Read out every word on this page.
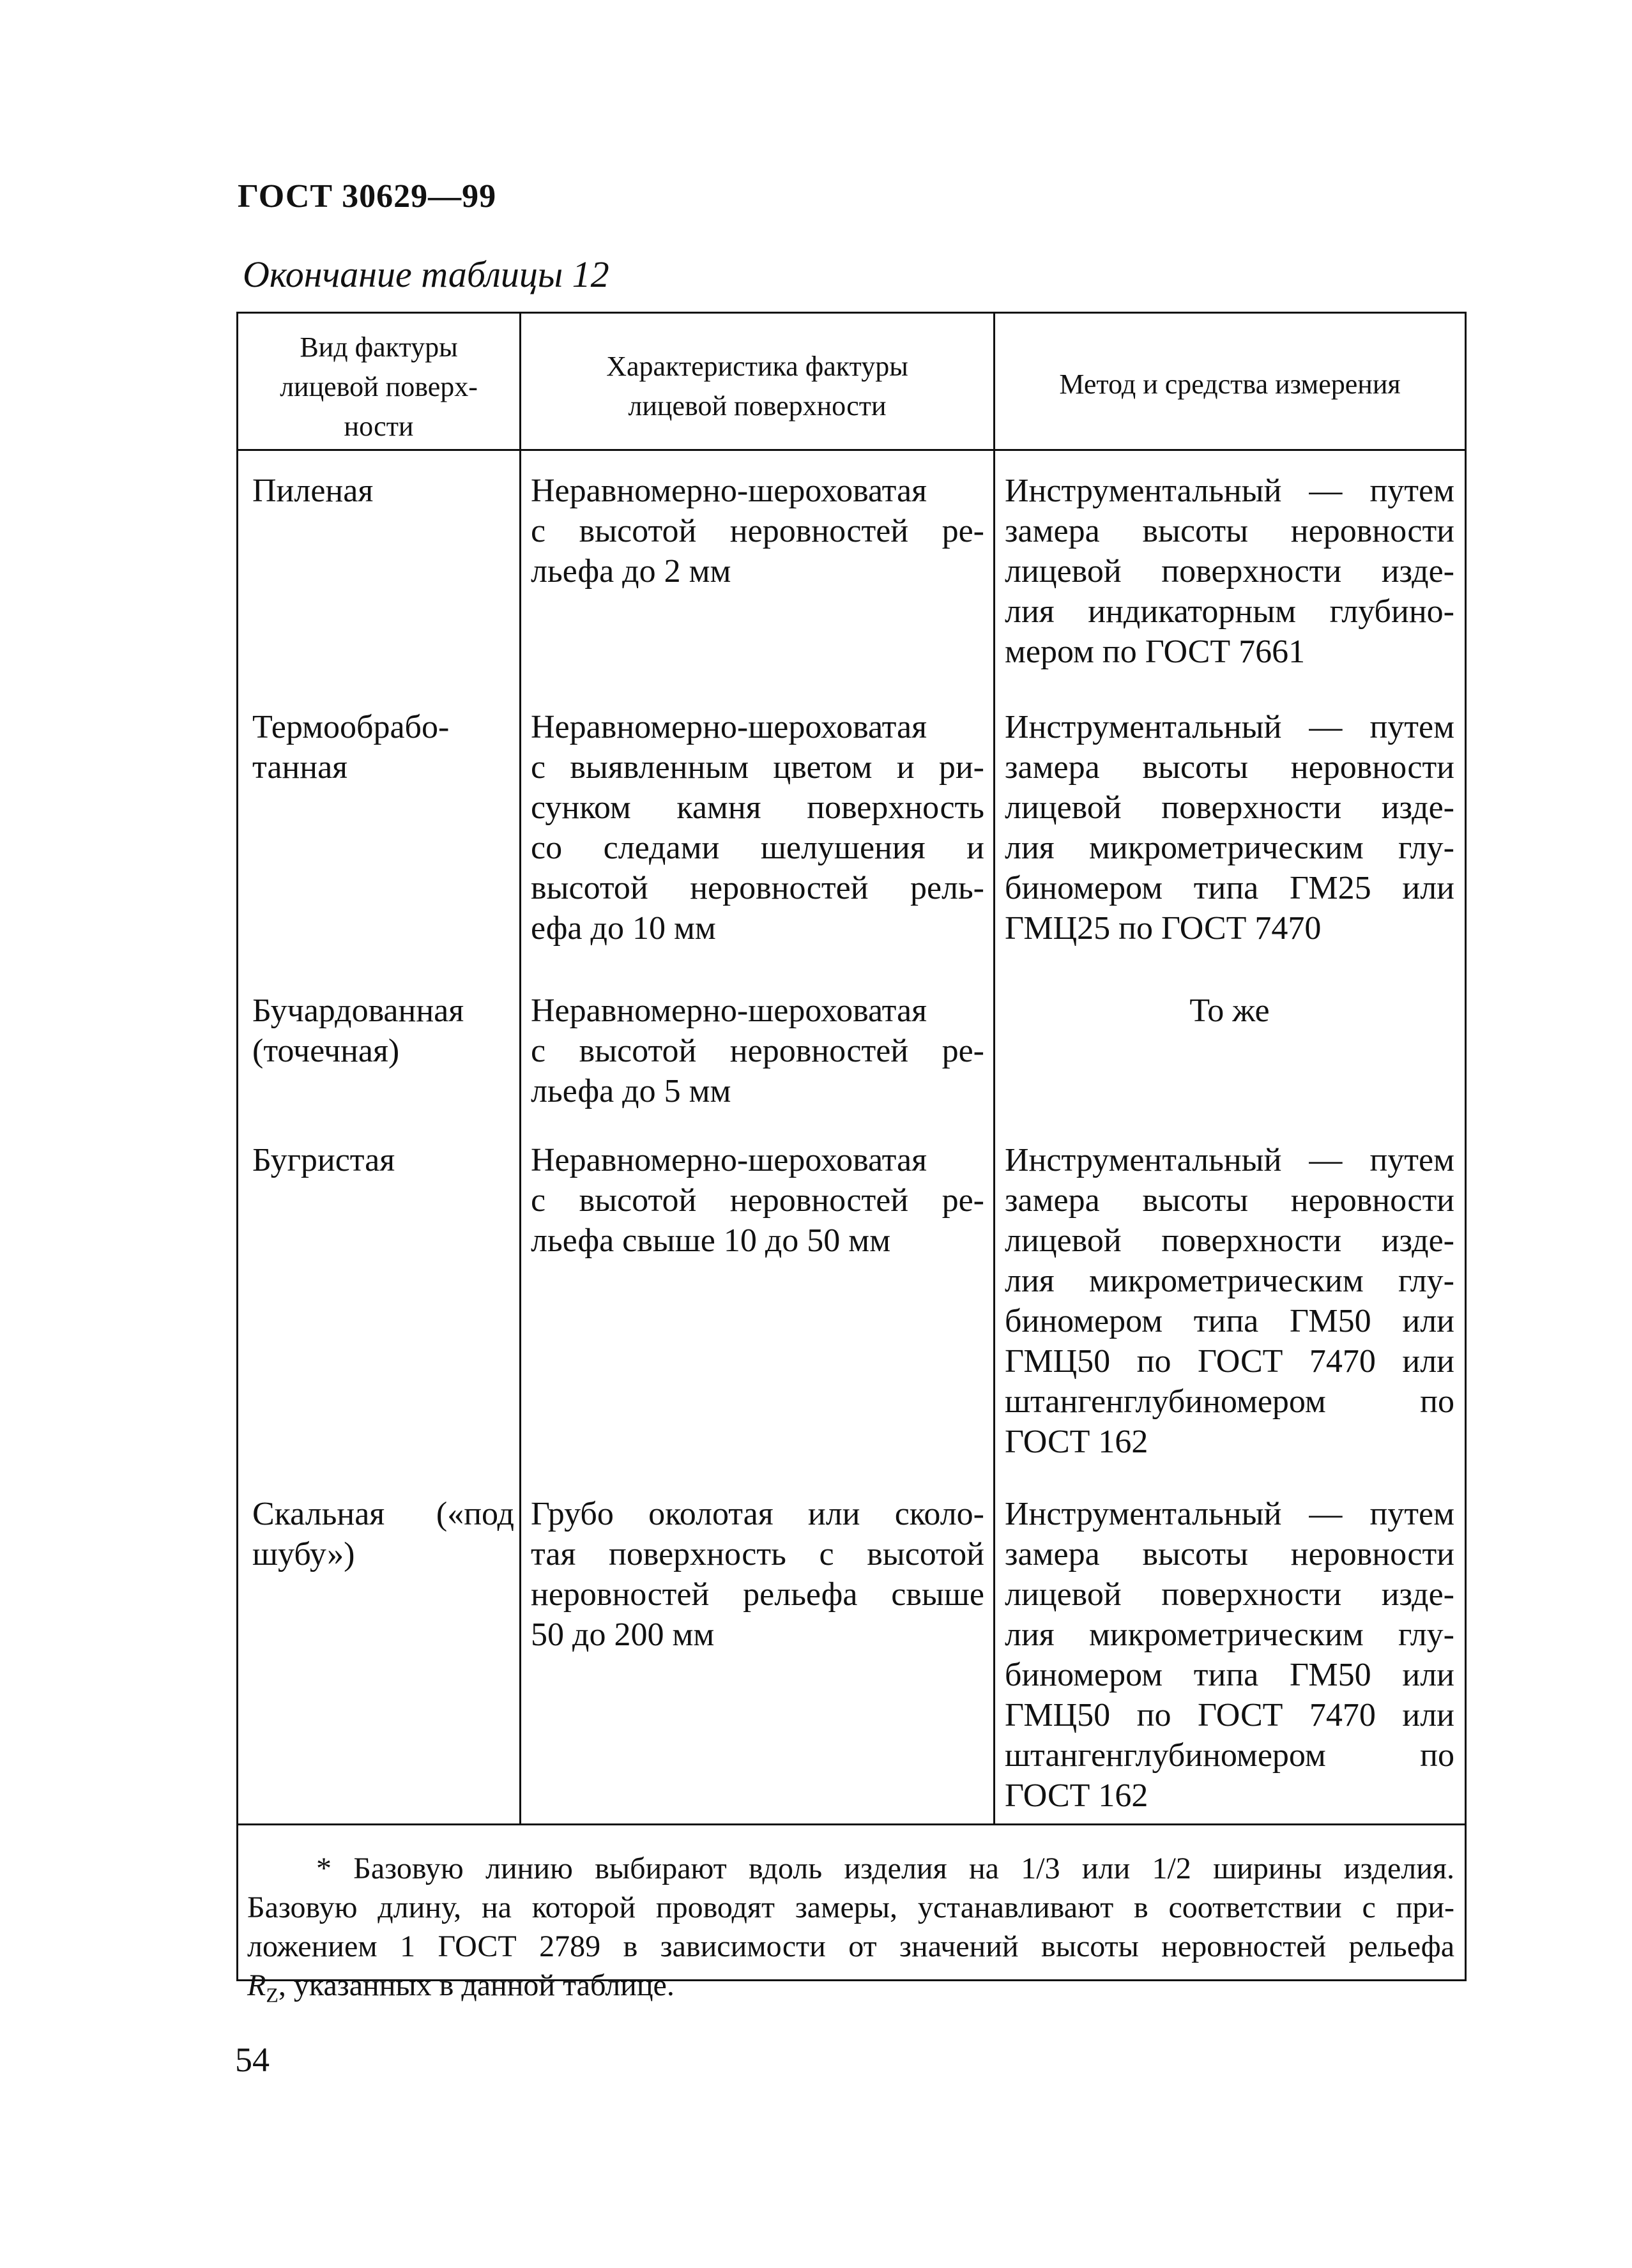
ГОСТ 30629—99
Окончание таблицы 12
Вид фактуры
лицевой поверх-
ности
Характеристика фактуры
лицевой поверхности
Метод и средства измерения
Пиленая	Неравномерно-шероховатая
с высотой неровностей ре-
льефа до 2 мм
Инструментальный — путем
замера высоты неровности
лицевой поверхности изде-
лия индикаторным глубино-
мером по ГОСТ 7661
Термообрабо-
танная
Неравномерно-шероховатая
с выявленным цветом и ри-
сунком камня поверхность
со следами шелушения и
высотой неровностей рель-
ефа до 10 мм
Инструментальный — путем
замера высоты неровности
лицевой поверхности изде-
лия микрометрическим глу-
биномером типа ГМ25 или
ГМЦ25 по ГОСТ 7470
Бучардованная
(точечная)
Неравномерно-шероховатая
с высотой неровностей ре-
льефа до 5 мм
То же
Бугристая	Неравномерно-шероховатая
с высотой неровностей ре-
льефа свыше 10 до 50 мм
Инструментальный — путем
замера высоты неровности
лицевой поверхности изде-
лия микрометрическим глу-
биномером типа ГМ50 или
ГМЦ50 по ГОСТ 7470 или
штангенглубиномером по
ГОСТ 162
Скальная («под
шубу»)
Грубо околотая или сколо-
тая поверхность с высотой
неровностей рельефа свыше
50 до 200 мм
Инструментальный — путем
замера высоты неровности
лицевой поверхности изде-
лия микрометрическим глу-
биномером типа ГМ50 или
ГМЦ50 по ГОСТ 7470 или
штангенглубиномером по
ГОСТ 162
* Базовую линию выбирают вдоль изделия на 1/3 или 1/2 ширины изделия.
Базовую длину, на которой проводят замеры, устанавливают в соответствии с при-
ложением 1 ГОСТ 2789 в зависимости от значений высоты неровностей рельефа
$R_Z$, указанных в данной таблице.
54
